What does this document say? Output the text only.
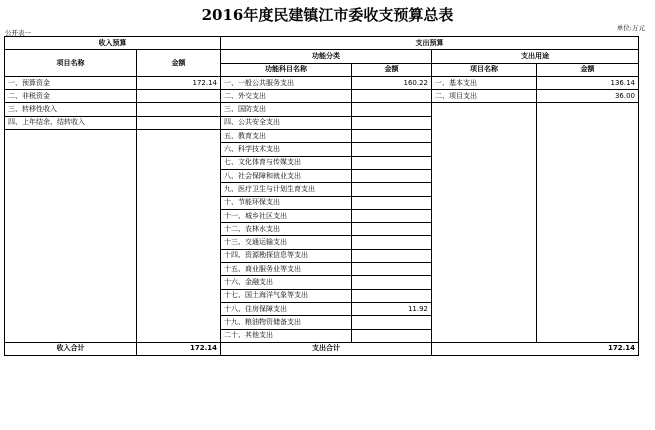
2016年度民建镇江市委收支预算总表
公开表一
单位:万元
收入预算		支出预算			
项目名称	金额	功能分类		支出用途	
		功能科目名称	金额	项目名称	金额
一、预算资金	172.14	一、一般公共服务支出	160.22	一、基本支出	136.14
二、非税资金		二、外交支出		二、项目支出	36.00
三、转移性收入		三、国防支出			
四、上年结余、结转收入		四、公共安全支出			
		五、教育支出			
		六、科学技术支出			
		七、文化体育与传媒支出			
		八、社会保障和就业支出			
		九、医疗卫生与计划生育支出			
		十、节能环保支出			
		十一、城乡社区支出			
		十二、农林水支出			
		十三、交通运输支出			
		十四、资源勘探信息等支出			
		十五、商业服务业等支出			
		十六、金融支出			
		十七、国土海洋气象等支出			
		十八、住房保障支出	11.92		
		十九、粮油物资储备支出			
		二十、其他支出			
收入合计	172.14	支出合计		172.14	
